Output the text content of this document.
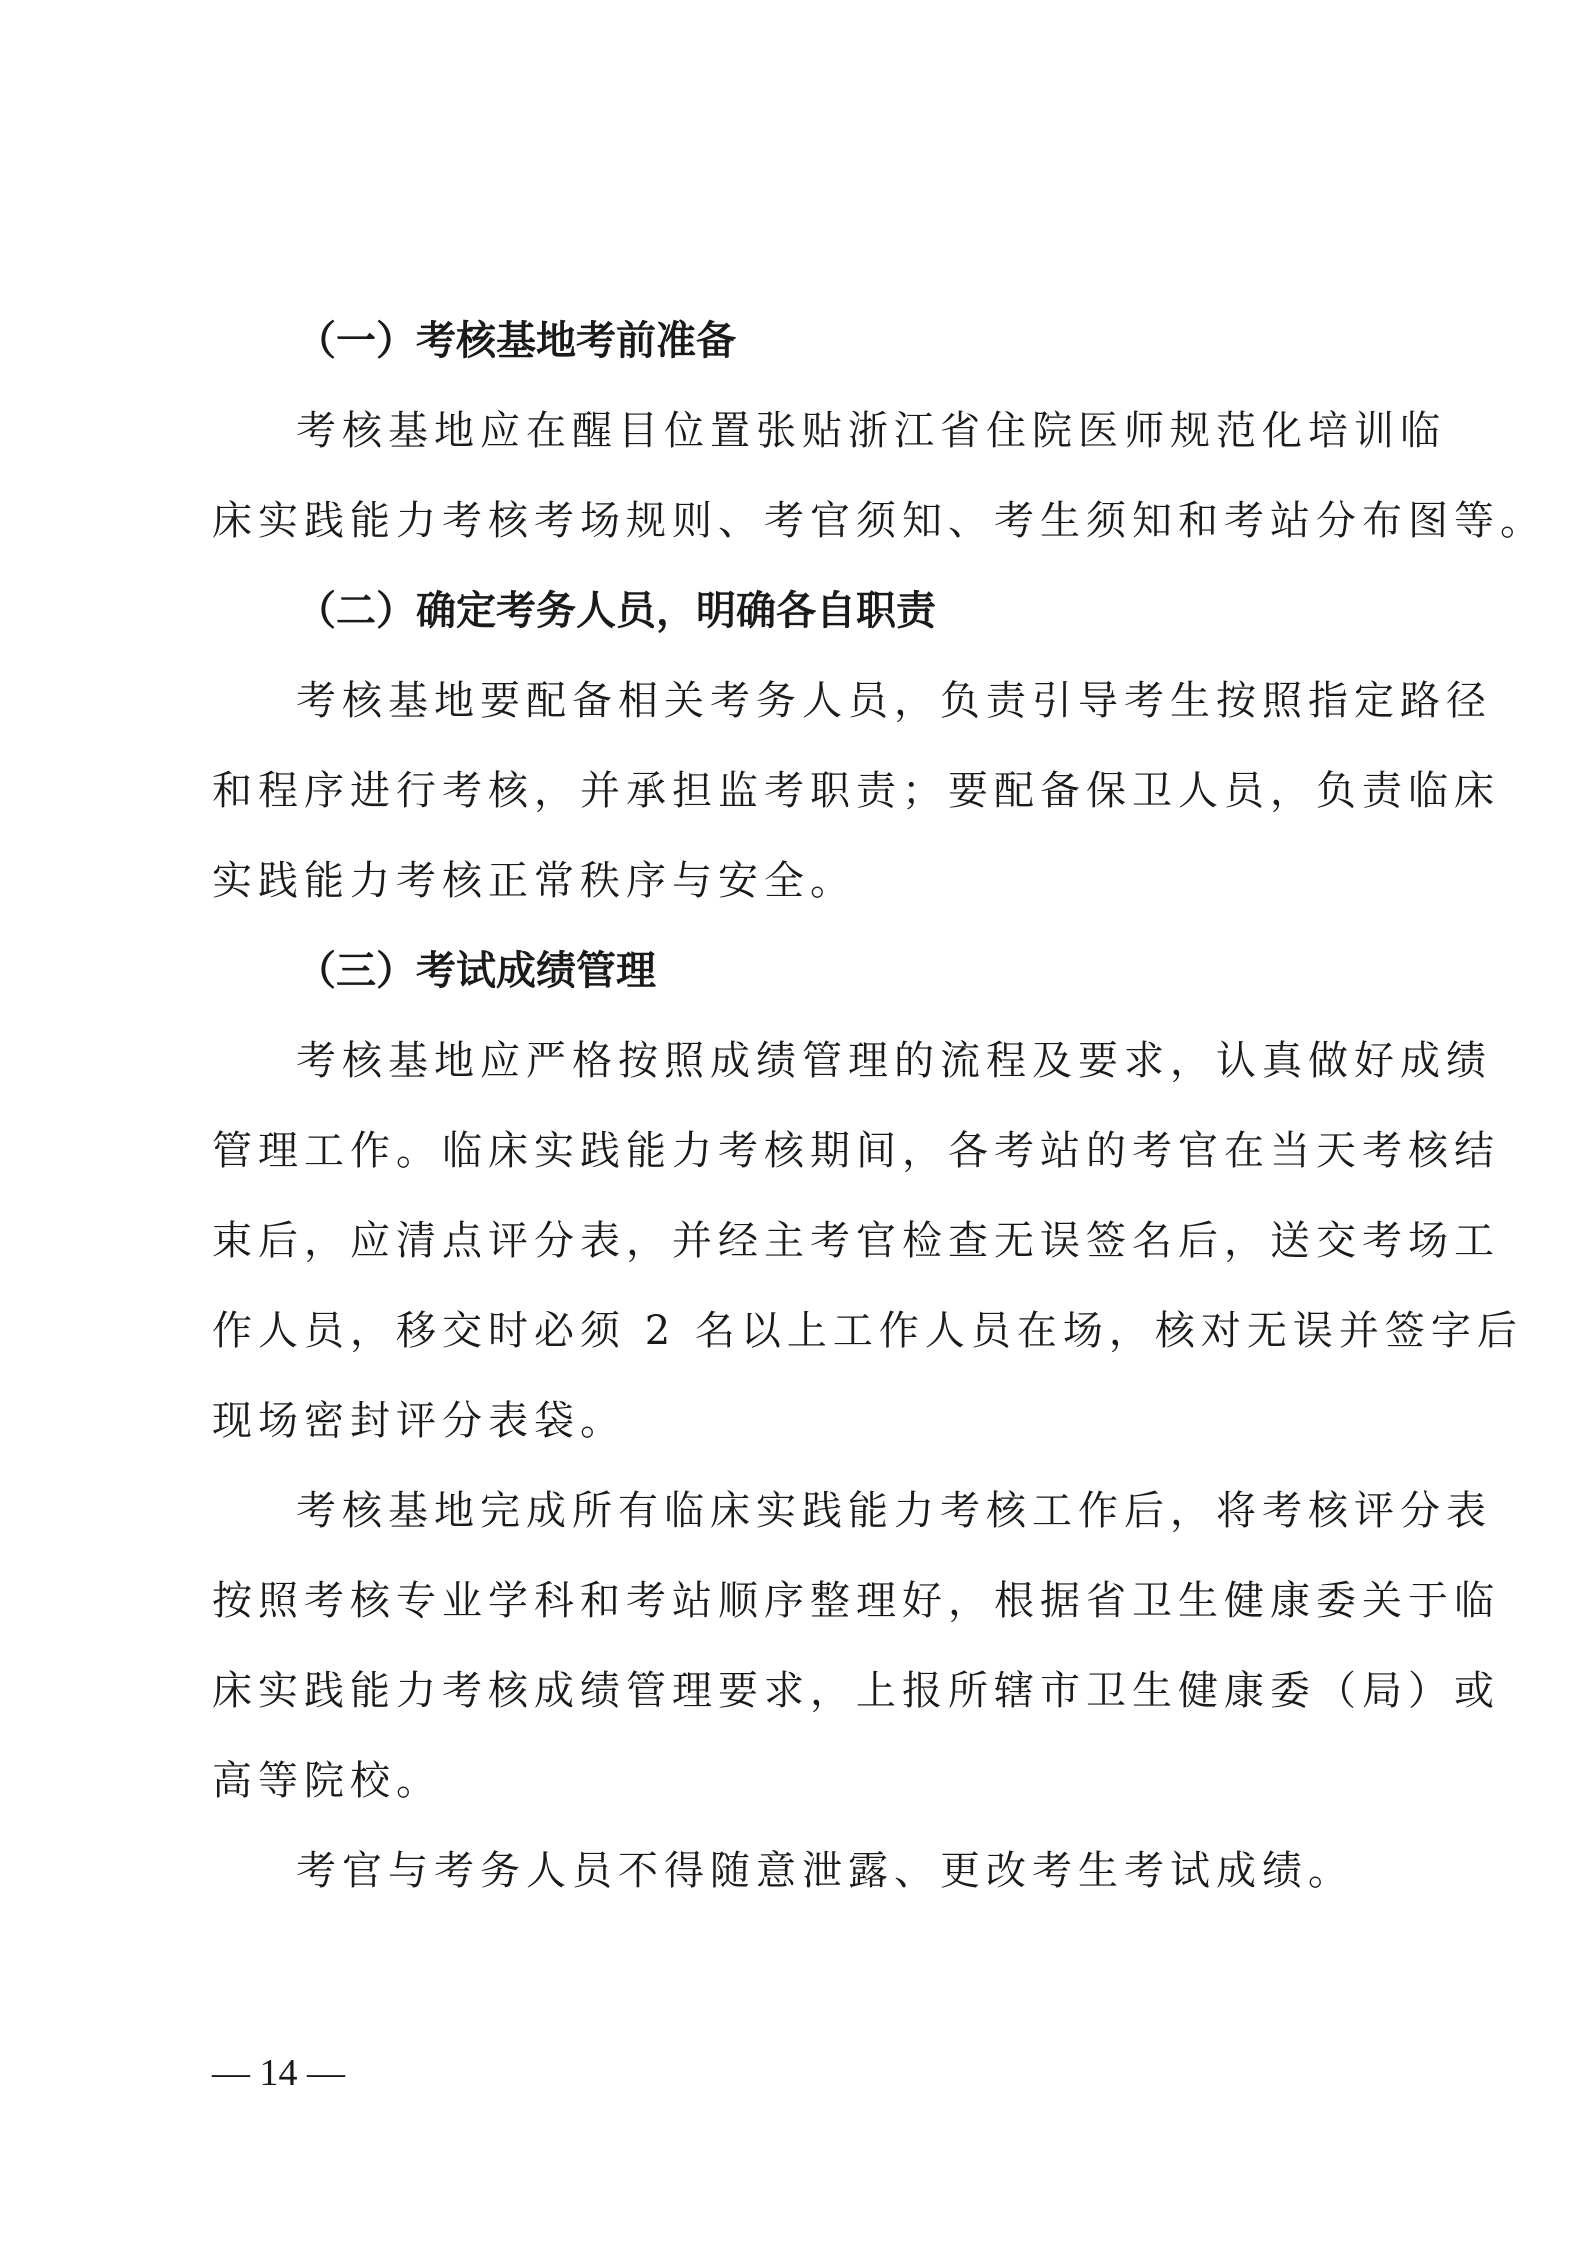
（一）考核基地考前准备

考核基地应在醒目位置张贴浙江省住院医师规范化培训临
床实践能力考核考场规则、考官须知、考生须知和考站分布图等。

（二）确定考务人员，明确各自职责

考核基地要配备相关考务人员，负责引导考生按照指定路径
和程序进行考核，并承担监考职责；要配备保卫人员，负责临床
实践能力考核正常秩序与安全。

（三）考试成绩管理

考核基地应严格按照成绩管理的流程及要求，认真做好成绩
管理工作。临床实践能力考核期间，各考站的考官在当天考核结
束后，应清点评分表，并经主考官检查无误签名后，送交考场工
作人员，移交时必须 2 名以上工作人员在场，核对无误并签字后
现场密封评分表袋。

考核基地完成所有临床实践能力考核工作后，将考核评分表
按照考核专业学科和考站顺序整理好，根据省卫生健康委关于临
床实践能力考核成绩管理要求，上报所辖市卫生健康委（局）或
高等院校。

考官与考务人员不得随意泄露、更改考生考试成绩。

— 14 —
